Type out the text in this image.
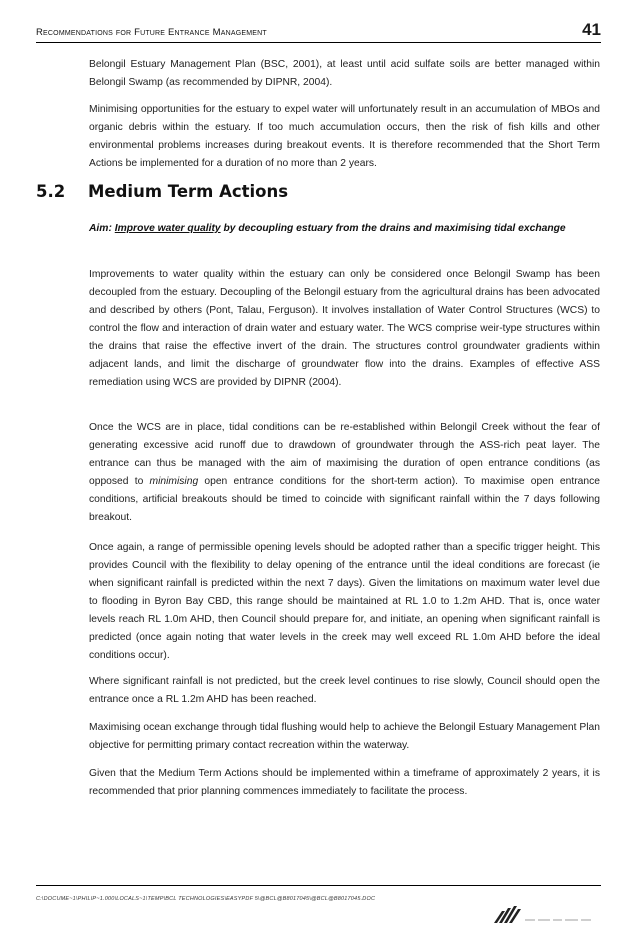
Recommendations for Future Entrance Management	41

Belongil Estuary Management Plan (BSC, 2001), at least until acid sulfate soils are better managed within Belongil Swamp (as recommended by DIPNR, 2004).

Minimising opportunities for the estuary to expel water will unfortunately result in an accumulation of MBOs and organic debris within the estuary. If too much accumulation occurs, then the risk of fish kills and other environmental problems increases during breakout events. It is therefore recommended that the Short Term Actions be implemented for a duration of no more than 2 years.

5.2 Medium Term Actions

Aim: Improve water quality by decoupling estuary from the drains and maximising tidal exchange

Improvements to water quality within the estuary can only be considered once Belongil Swamp has been decoupled from the estuary. Decoupling of the Belongil estuary from the agricultural drains has been advocated and described by others (Pont, Talau, Ferguson). It involves installation of Water Control Structures (WCS) to control the flow and interaction of drain water and estuary water. The WCS comprise weir-type structures within the drains that raise the effective invert of the drain. The structures control groundwater gradients within adjacent lands, and limit the discharge of groundwater flow into the drains. Examples of effective ASS remediation using WCS are provided by DIPNR (2004).

Once the WCS are in place, tidal conditions can be re-established within Belongil Creek without the fear of generating excessive acid runoff due to drawdown of groundwater through the ASS-rich peat layer. The entrance can thus be managed with the aim of maximising the duration of open entrance conditions (as opposed to minimising open entrance conditions for the short-term action). To maximise open entrance conditions, artificial breakouts should be timed to coincide with significant rainfall within the 7 days following breakout.

Once again, a range of permissible opening levels should be adopted rather than a specific trigger height. This provides Council with the flexibility to delay opening of the entrance until the ideal conditions are forecast (ie when significant rainfall is predicted within the next 7 days). Given the limitations on maximum water level due to flooding in Byron Bay CBD, this range should be maintained at RL 1.0 to 1.2m AHD. That is, once water levels reach RL 1.0m AHD, then Council should prepare for, and initiate, an opening when significant rainfall is predicted (once again noting that water levels in the creek may well exceed RL 1.0m AHD before the ideal conditions occur).

Where significant rainfall is not predicted, but the creek level continues to rise slowly, Council should open the entrance once a RL 1.2m AHD has been reached.

Maximising ocean exchange through tidal flushing would help to achieve the Belongil Estuary Management Plan objective for permitting primary contact recreation within the waterway.

Given that the Medium Term Actions should be implemented within a timeframe of approximately 2 years, it is recommended that prior planning commences immediately to facilitate the process.

C:\DOCUME~1\PHILIP~1.000\LOCALS~1\TEMP\BCL TECHNOLOGIES\EASYPDF 5\@BCL@B8017045\@BCL@B8017045.DOC
